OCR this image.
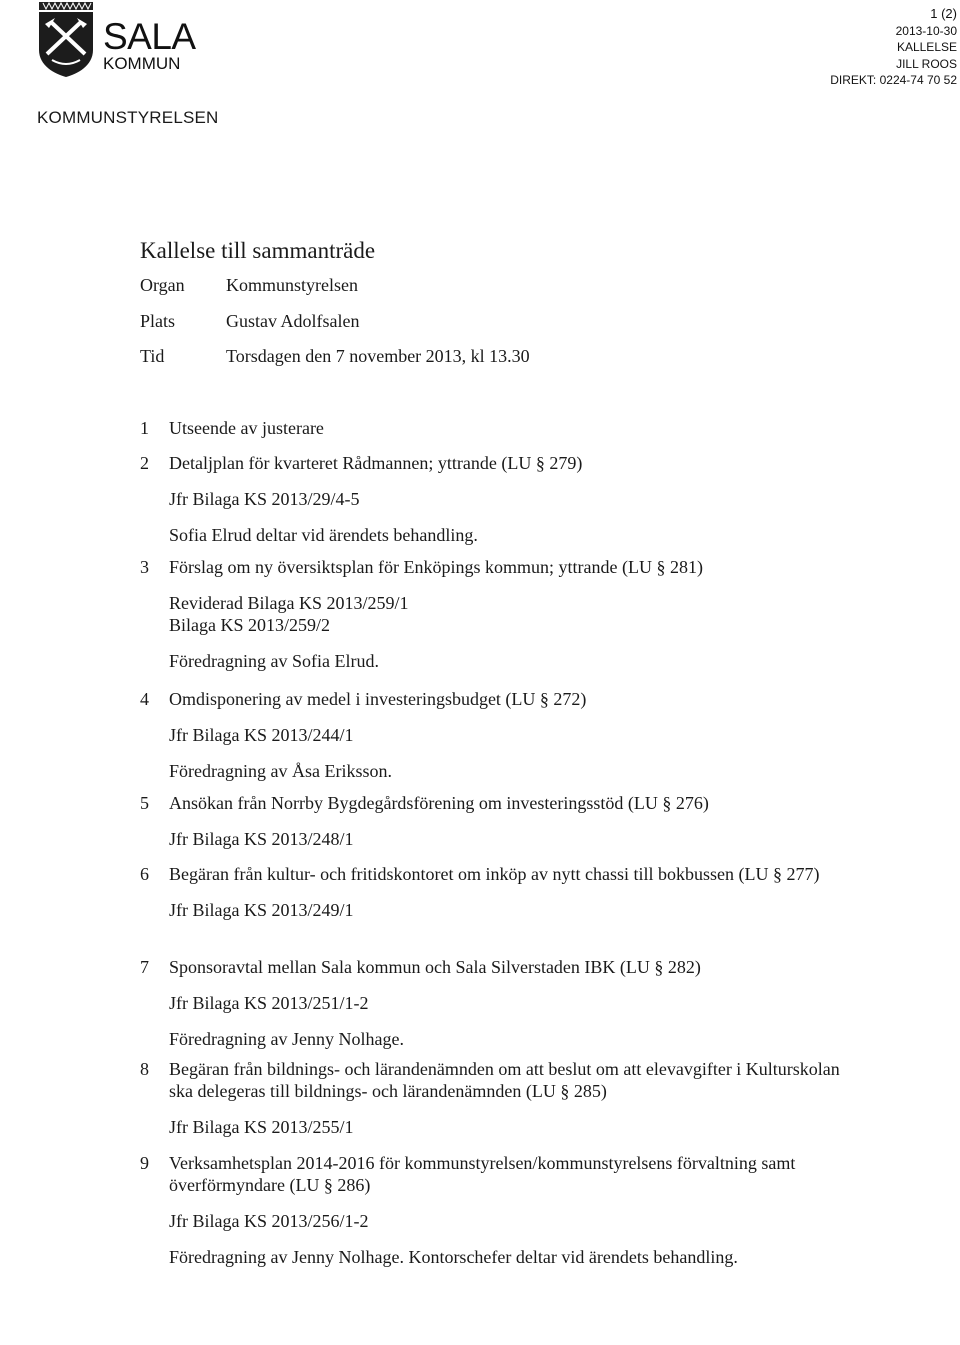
SALA
KOMMUN
1 (2)
2013-10-30
KALLELSE
JILL ROOS
DIREKT: 0224-74 70 52
KOMMUNSTYRELSEN
Kallelse till sammanträde
Organ Kommunstyrelsen
Plats	Gustav Adolfsalen
Tid	Torsdagen den 7 november 2013, kl 13.30
1	Utseende av justerare

2	Detaljplan för kvarteret Rådmannen; yttrande (LU § 279)

Jfr Bilaga KS 2013/29/4-5

Sofia Elrud deltar vid ärendets behandling.

3	Förslag om ny översiktsplan för Enköpings kommun; yttrande (LU § 281)

Reviderad Bilaga KS 2013/259/1

Bilaga KS 2013/259/2

Föredragning av Sofia Elrud.

4	Omdisponering av medel i investeringsbudget (LU § 272)

Jfr Bilaga KS 2013/244/1

Föredragning av Åsa Eriksson.

5	Ansökan från Norrby Bygdegårdsförening om investeringsstöd (LU § 276)

Jfr Bilaga KS 2013/248/1

6	Begäran från kultur- och fritidskontoret om inköp av nytt chassi till bokbussen (LU § 277)

Jfr Bilaga KS 2013/249/1

7	Sponsoravtal mellan Sala kommun och Sala Silverstaden IBK (LU § 282)

Jfr Bilaga KS 2013/251/1-2

Föredragning av Jenny Nolhage.

8	Begäran från bildnings- och lärandenämnden om att beslut om att elevavgifter i Kulturskolan ska delegeras till bildnings- och lärandenämnden (LU § 285)

Jfr Bilaga KS 2013/255/1

9	Verksamhetsplan 2014-2016 för kommunstyrelsen/kommunstyrelsens förvaltning samt överförmyndare (LU § 286)

Jfr Bilaga KS 2013/256/1-2

Föredragning av Jenny Nolhage. Kontorschefer deltar vid ärendets behandling.
